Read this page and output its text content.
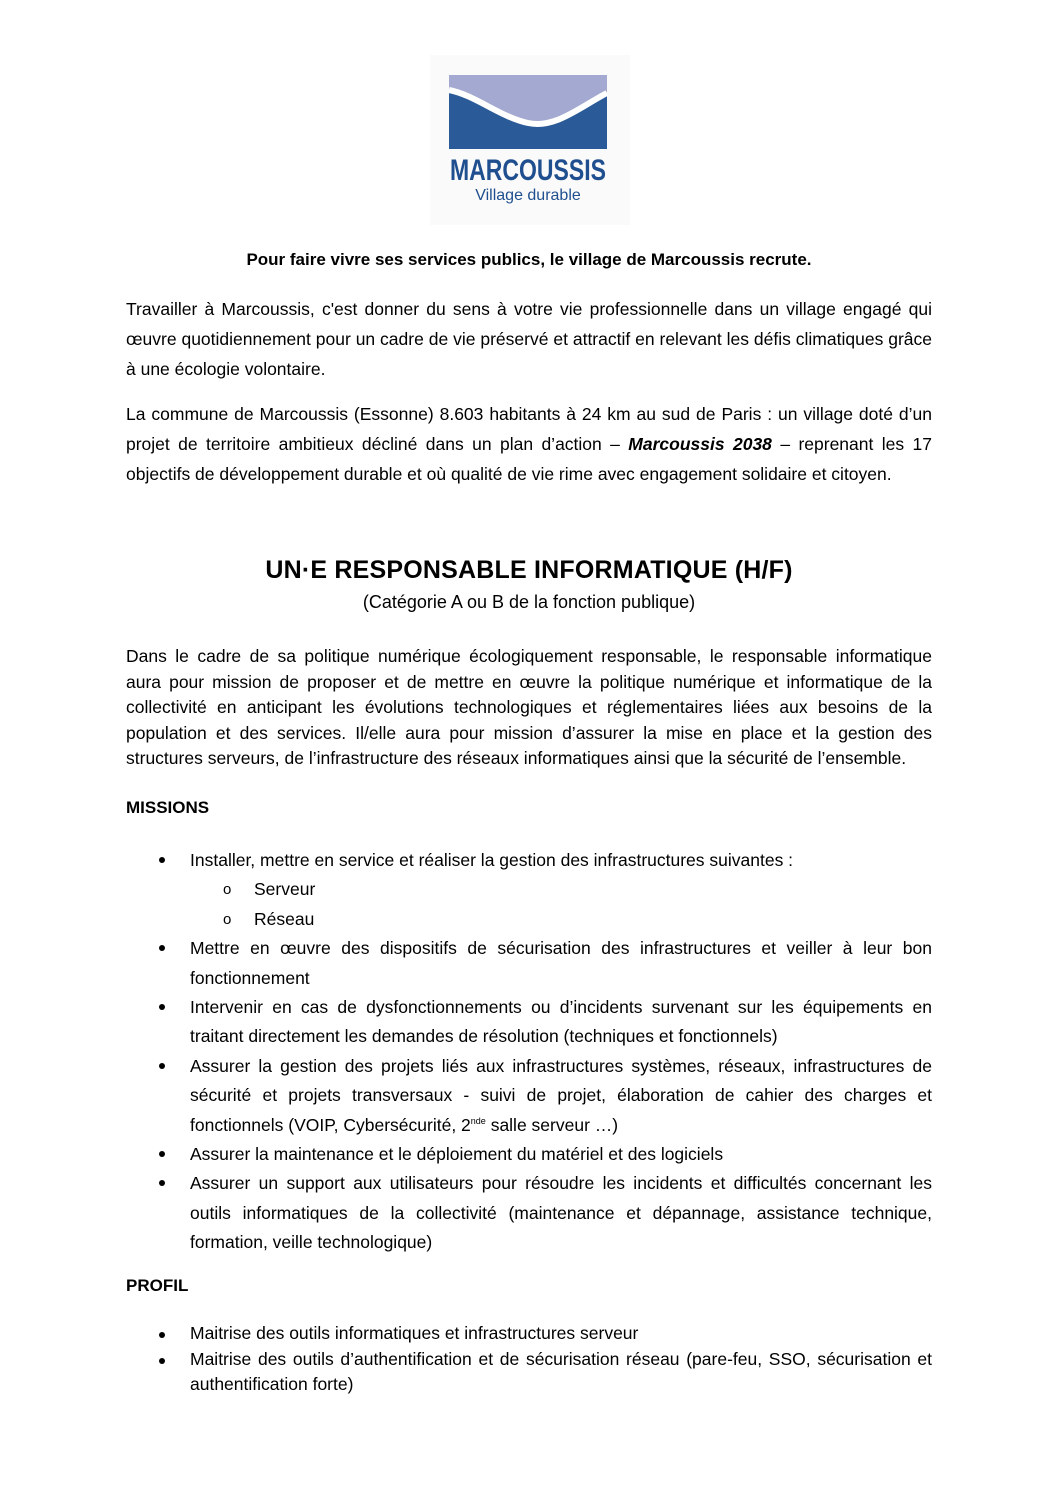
MARCOUSSIS
Village durable
Pour faire vivre ses services publics, le village de Marcoussis recrute.

Travailler à Marcoussis, c'est donner du sens à votre vie professionnelle dans un village engagé qui œuvre quotidiennement pour un cadre de vie préservé et attractif en relevant les défis climatiques grâce à une écologie volontaire.

La commune de Marcoussis (Essonne) 8.603 habitants à 24 km au sud de Paris : un village doté d’un projet de territoire ambitieux décliné dans un plan d’action – Marcoussis 2038 – reprenant les 17 objectifs de développement durable et où qualité de vie rime avec engagement solidaire et citoyen.

UN·E RESPONSABLE INFORMATIQUE (H/F)
(Catégorie A ou B de la fonction publique)

Dans le cadre de sa politique numérique écologiquement responsable, le responsable informatique aura pour mission de proposer et de mettre en œuvre la politique numérique et informatique de la collectivité en anticipant les évolutions technologiques et réglementaires liées aux besoins de la population et des services. Il/elle aura pour mission d’assurer la mise en place et la gestion des structures serveurs, de l’infrastructure des réseaux informatiques ainsi que la sécurité de l’ensemble.

MISSIONS
Installer, mettre en service et réaliser la gestion des infrastructures suivantes :
o Serveur
o Réseau
Mettre en œuvre des dispositifs de sécurisation des infrastructures et veiller à leur bon fonctionnement
Intervenir en cas de dysfonctionnements ou d’incidents survenant sur les équipements en traitant directement les demandes de résolution (techniques et fonctionnels)
Assurer la gestion des projets liés aux infrastructures systèmes, réseaux, infrastructures de sécurité et projets transversaux - suivi de projet, élaboration de cahier des charges et fonctionnels (VOIP, Cybersécurité, 2nde salle serveur …)
Assurer la maintenance et le déploiement du matériel et des logiciels
Assurer un support aux utilisateurs pour résoudre les incidents et difficultés concernant les outils informatiques de la collectivité (maintenance et dépannage, assistance technique, formation, veille technologique)
PROFIL
Maitrise des outils informatiques et infrastructures serveur
Maitrise des outils d’authentification et de sécurisation réseau (pare-feu, SSO, sécurisation et authentification forte)
